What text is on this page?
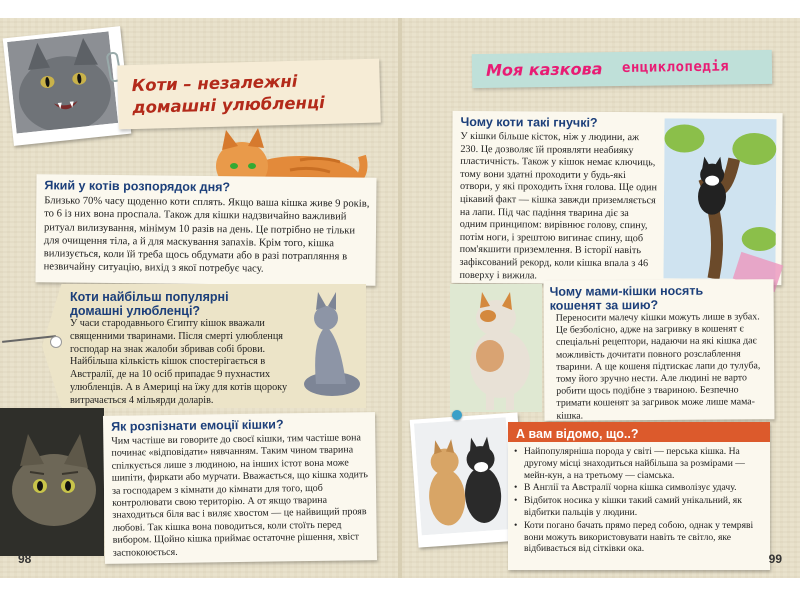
Коти – незалежні домашні улюбленці
Який у котів розпорядок дня?
Близько 70% часу щоденно коти сплять. Якщо ваша кішка живе 9 років, то 6 із них вона проспала. Також для кішки надзвичайно важливий ритуал вилизування, мінімум 10 разів на день. Це потрібно не тільки для очищення тіла, а й для маскування запахів. Крім того, кішка вилизується, коли їй треба щось обдумати або в разі потрапляння в незвичайну ситуацію, вихід з якої потребує часу.
Коти найбільш популярні домашні улюбленці?
У часи стародавнього Єгипту кішок вважали священними тваринами. Після смерті улюбленця господар на знак жалоби збривав собі брови. Найбільша кількість кішок спостерігається в Австралії, де на 10 осіб припадає 9 пухнастих улюбленців. А в Америці на їжу для котів щороку витрачається 4 мільярди доларів.
Як розпізнати емоції кішки?
Чим частіше ви говорите до своєї кішки, тим частіше вона починає «відповідати» нявчанням. Таким чином тварина спілкується лише з людиною, на інших істот вона може шипіти, фиркати або мурчати. Вважається, що кішка ходить за господарем з кімнати до кімнати для того, щоб контролювати свою територію. А от якщо тварина знаходиться біля вас і виляє хвостом — це найвищий прояв любові. Так кішка вона поводиться, коли стоїть перед вибором. Щойно кішка приймає остаточне рішення, хвіст заспокоюється.
98
Моя казкова енциклопедія
Чому коти такі гнучкі?
У кішки більше кісток, ніж у людини, аж 230. Це дозволяє їй проявляти неабияку пластичність. Також у кішок немає ключиць, тому вони здатні проходити у будь-які отвори, у які проходить їхня голова. Ще один цікавий факт — кішка завжди приземляється на лапи. Під час падіння тварина діє за одним принципом: вирівнює голову, спину, потім ноги, і зрештою вигинає спину, щоб пом'якшити приземлення. В історії навіть зафіксований рекорд, коли кішка впала з 46 поверху і вижила.
Чому мами-кішки носять кошенят за шию?
Переносити малечу кішки можуть лише в зубах. Це безболісно, адже на загривку в кошенят є спеціальні рецептори, надаючи на які кішка дає можливість дочитати повного розслаблення тварини. А ще кошеня підтискає лапи до тулуба, тому його зручно нести. Але людині не варто робити щось подібне з твариною. Безпечно тримати кошенят за загривок може лише мама-кішка.
А вам відомо, що..?
• Найпопулярніша порода у світі — перська кішка. На другому місці знаходиться найбільша за розмірами — мейн-кун, а на третьому — сіамська.
• В Англії та Австралії чорна кішка символізує удачу.
• Відбиток носика у кішки такий самий унікальний, як відбитки пальців у людини.
• Коти погано бачать прямо перед собою, однак у темряві вони можуть використовувати навіть те світло, яке відбивається від сітківки ока.
99
